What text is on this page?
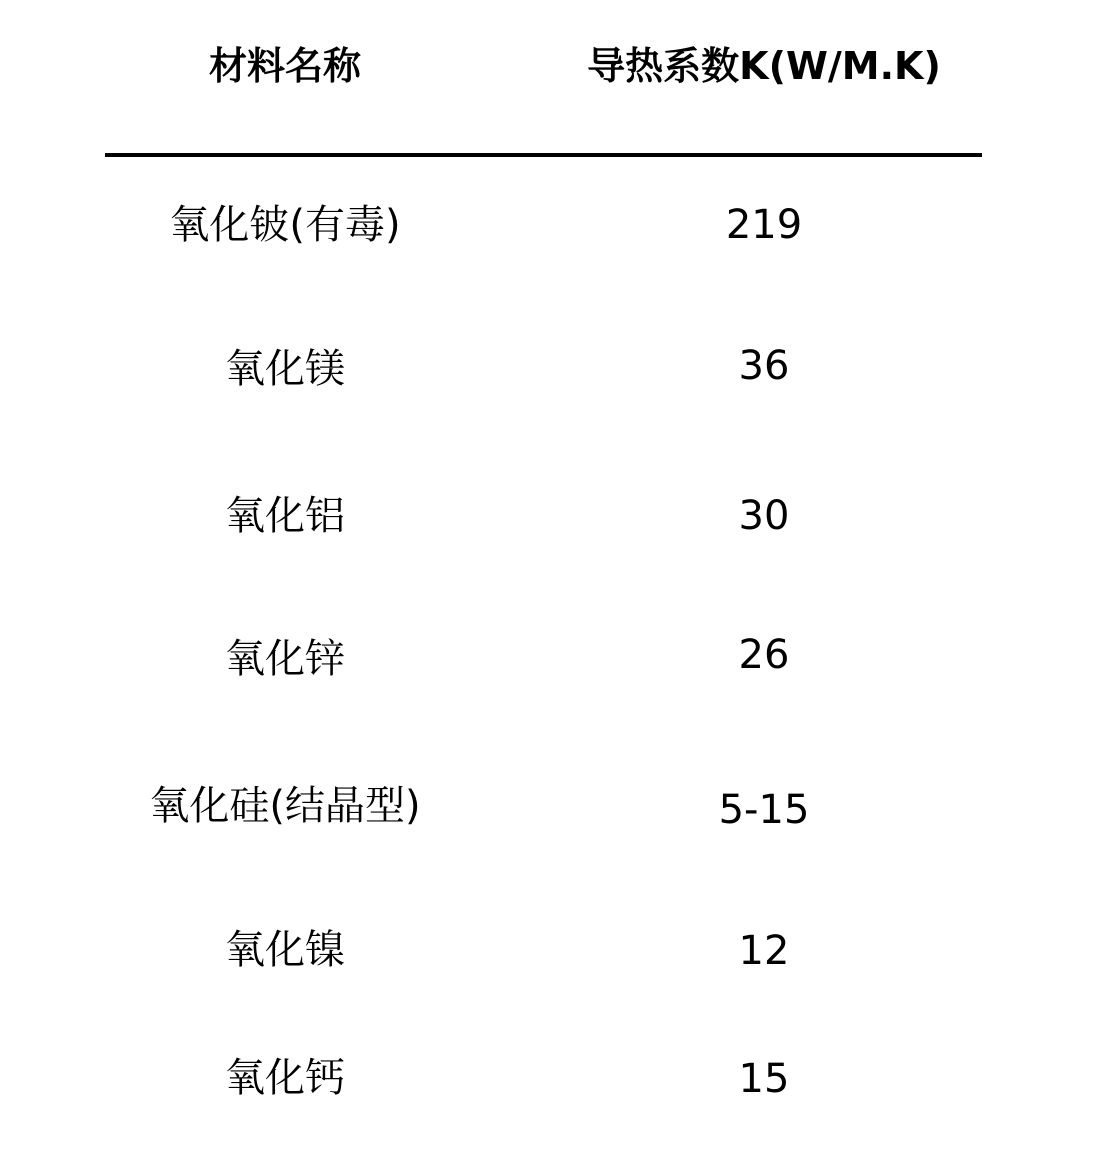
材料名称	导热系数K(W/M.K)
氧化铍(有毒)	219
氧化镁	36
氧化铝	30
氧化锌	26
氧化硅(结晶型)	5-15
氧化镍	12
氧化钙	15
